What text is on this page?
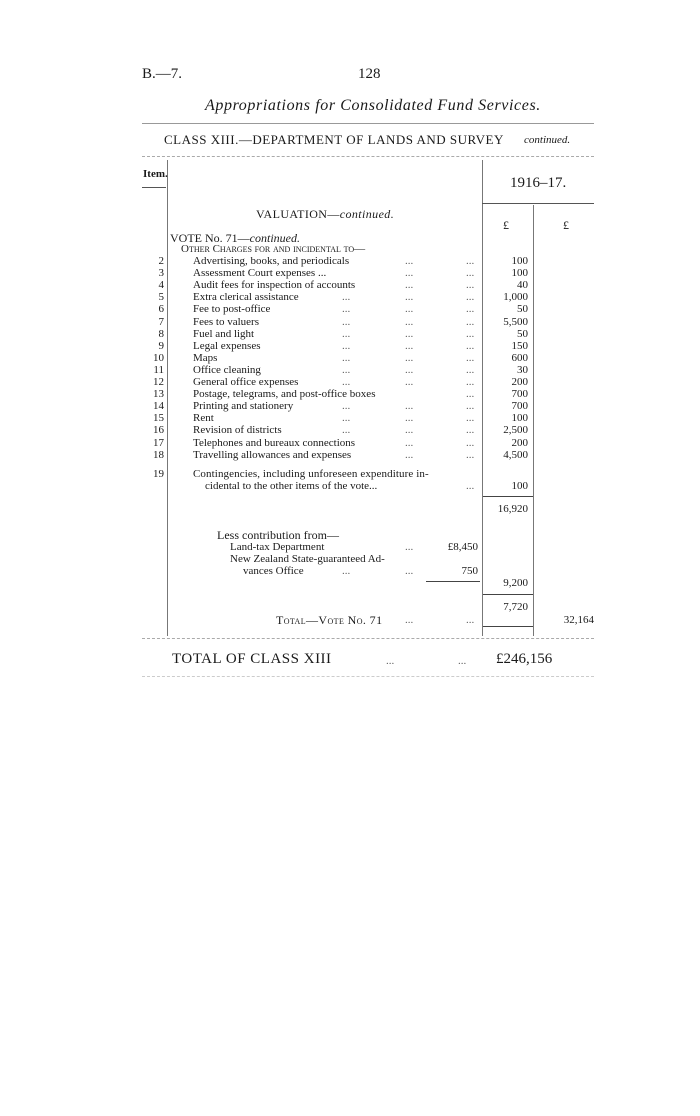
B.—7.	128
Appropriations for Consolidated Fund Services.
CLASS XIII.—DEPARTMENT OF LANDS AND SURVEY continued.
Item.
1916–17.
VALUATION—continued.
£	£
VOTE No. 71—continued.
Other Charges for and incidental to—
2	Advertising, books, and periodicals	...	...	100
3	Assessment Court expenses ...	...	...	100
4	Audit fees for inspection of accounts	...	...	40
5	Extra clerical assistance	...	...	...	1,000
6	Fee to post-office	...	...	...	50
7	Fees to valuers	...	...	...	5,500
8	Fuel and light	...	...	...	50
9	Legal expenses	...	...	...	150
10	Maps	...	...	...	600
11	Office cleaning	...	...	...	30
12	General office expenses	...	...	...	200
13	Postage, telegrams, and post-office boxes	...	700
14	Printing and stationery	...	...	...	700
15	Rent	...	...	...	100
16	Revision of districts	...	...	...	2,500
17	Telephones and bureaux connections	...	...	200
18	Travelling allowances and expenses	...	...	4,500
19	Contingencies, including unforeseen expenditure in-
cidental to the other items of the vote...	...	100
16,920
Less contribution from—
Land-tax Department	...	£8,450
New Zealand State-guaranteed Ad-
vances Office	...	...	750
9,200
7,720
Total—Vote No. 71 ...	...	32,164
TOTAL OF CLASS XIII	...	... £246,156
